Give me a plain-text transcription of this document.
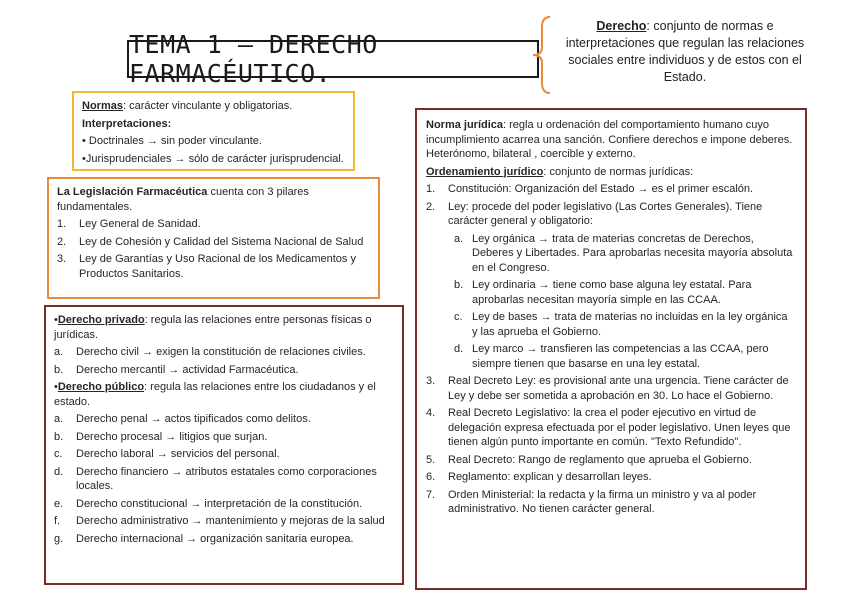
TEMA 1 – DERECHO FARMACÉUTICO.
Derecho: conjunto de normas e interpretaciones que regulan las relaciones sociales entre individuos y de estos con el Estado.

Normas: carácter vinculante y obligatorias.

Interpretaciones:

• Doctrinales → sin poder vinculante.

•Jurisprudenciales → sólo de carácter jurisprudencial.

La Legislación Farmacéutica cuenta con 3 pilares fundamentales.

1.	Ley General de Sanidad.
2.	Ley de Cohesión y Calidad del Sistema Nacional de Salud
3.	Ley de Garantías y Uso Racional de los Medicamentos y Productos Sanitarios.

•Derecho privado: regula las relaciones entre personas físicas o jurídicas.

a.	Derecho civil → exigen la constitución de relaciones civiles.
b.	Derecho mercantil → actividad Farmacéutica.

•Derecho público: regula las relaciones entre los ciudadanos y el estado.

a.	Derecho penal → actos tipificados como delitos.
b.	Derecho procesal → litigios que surjan.
c.	Derecho laboral → servicios del personal.
d.	Derecho financiero → atributos estatales como corporaciones locales.
e.	Derecho constitucional → interpretación de la constitución.
f.	Derecho administrativo → mantenimiento y mejoras de la salud
g.	Derecho internacional → organización sanitaria europea.

Norma jurídica: regla u ordenación del comportamiento humano cuyo incumplimiento acarrea una sanción. Confiere derechos e impone deberes. Heterónomo, bilateral , coercible y externo.

Ordenamiento jurídico: conjunto de normas jurídicas:

1.	Constitución: Organización del Estado → es el primer escalón.
2.	Ley: procede del poder legislativo (Las Cortes Generales). Tiene carácter general y obligatorio:
a. Ley orgánica → trata de materias concretas de Derechos, Deberes y Libertades. Para aprobarlas necesita mayoría absoluta en el Congreso.
b. Ley ordinaria → tiene como base alguna ley estatal. Para aprobarlas necesitan mayoría simple en las CCAA.
c. Ley de bases → trata de materias no incluidas en la ley orgánica y las aprueba el Gobierno.
d. Ley marco → transfieren las competencias a las CCAA, pero siempre tienen que basarse en una ley estatal.
3.	Real Decreto Ley: es provisional ante una urgencia. Tiene carácter de Ley y debe ser sometida a aprobación en 30. Lo hace el Gobierno.
4.	Real Decreto Legislativo: la crea el poder ejecutivo en virtud de delegación expresa efectuada por el poder legislativo. Unen leyes que tienen algún punto importante en común. "Texto Refundido".
5.	Real Decreto: Rango de reglamento que aprueba el Gobierno.
6.	Reglamento: explican y desarrollan leyes.
7.	Orden Ministerial: la redacta y la firma un ministro y va al poder administrativo. No tienen carácter general.
